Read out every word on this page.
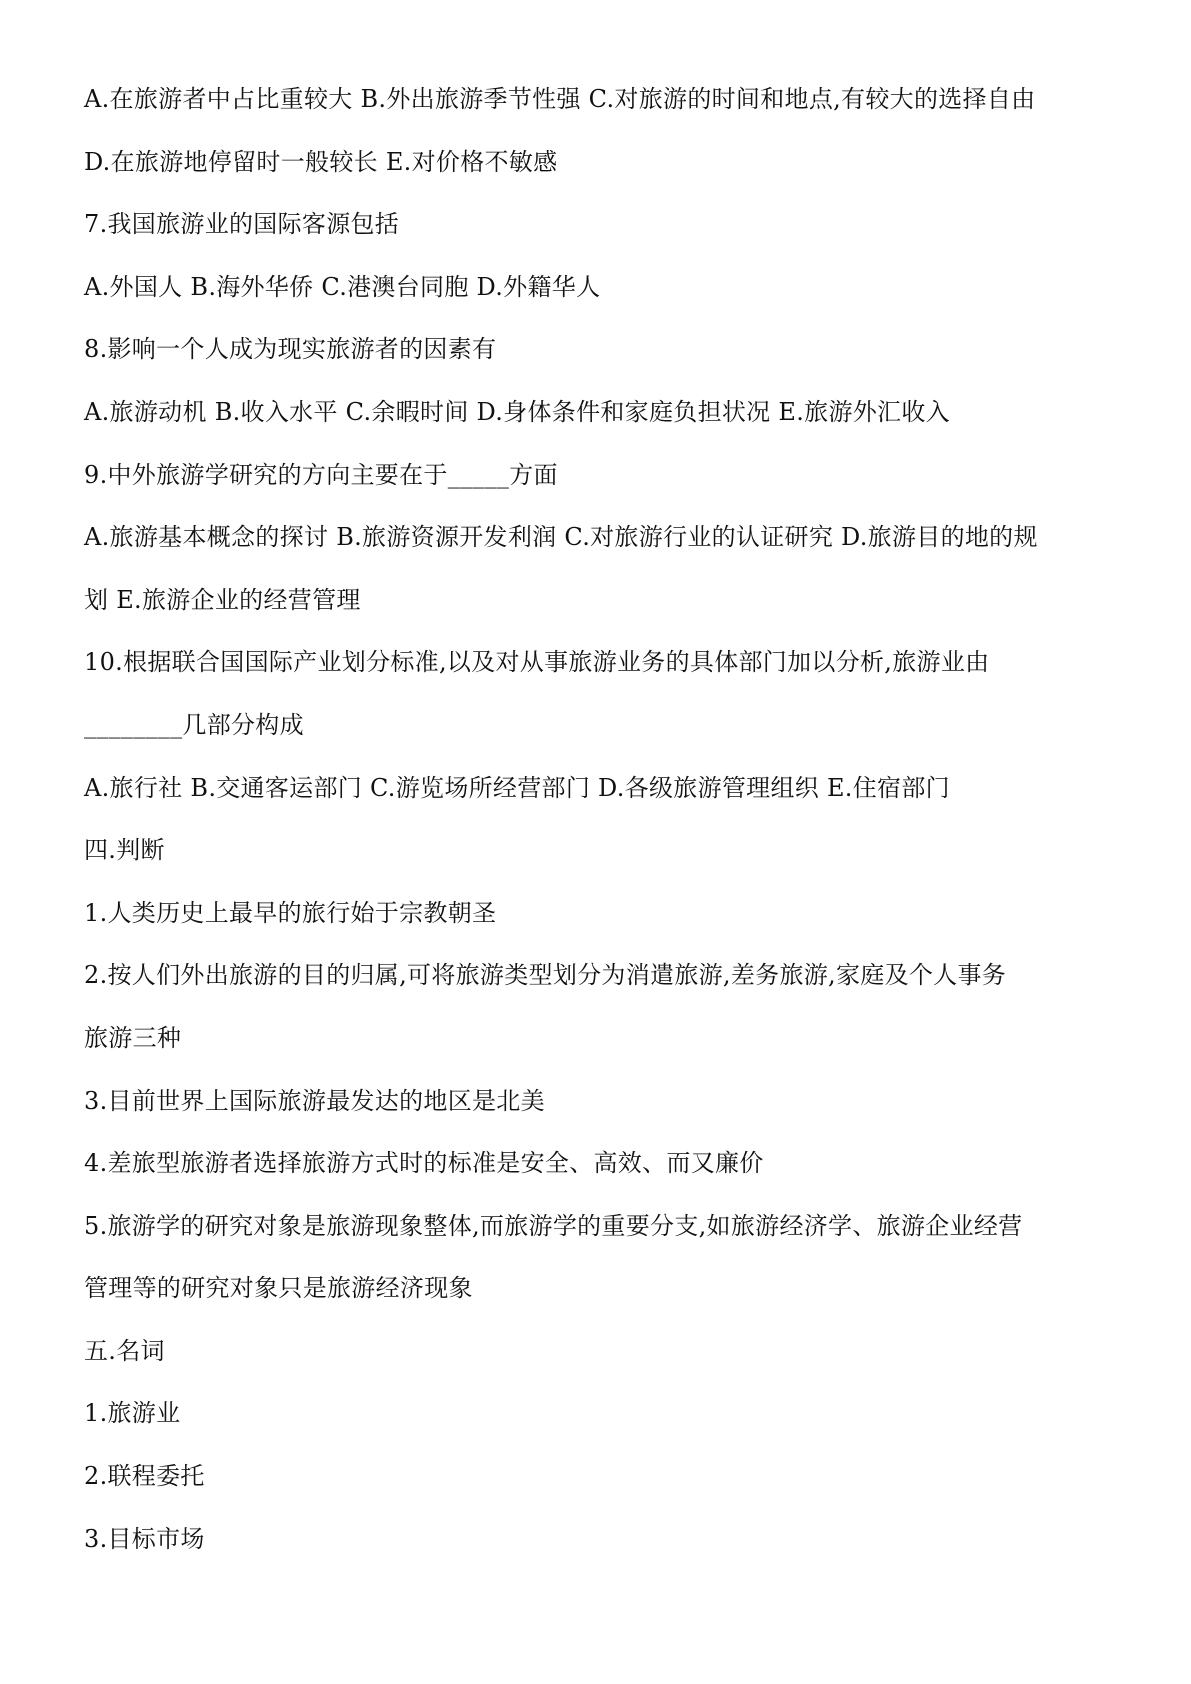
A.在旅游者中占比重较大 B.外出旅游季节性强 C.对旅游的时间和地点,有较大的选择自由
D.在旅游地停留时一般较长 E.对价格不敏感
7.我国旅游业的国际客源包括
A.外国人 B.海外华侨 C.港澳台同胞 D.外籍华人
8.影响一个人成为现实旅游者的因素有
A.旅游动机 B.收入水平 C.余暇时间 D.身体条件和家庭负担状况 E.旅游外汇收入
9.中外旅游学研究的方向主要在于_____方面
A.旅游基本概念的探讨 B.旅游资源开发利润 C.对旅游行业的认证研究 D.旅游目的地的规
划 E.旅游企业的经营管理
10.根据联合国国际产业划分标准,以及对从事旅游业务的具体部门加以分析,旅游业由
________几部分构成
A.旅行社 B.交通客运部门 C.游览场所经营部门 D.各级旅游管理组织 E.住宿部门
四.判断
1.人类历史上最早的旅行始于宗教朝圣
2.按人们外出旅游的目的归属,可将旅游类型划分为消遣旅游,差务旅游,家庭及个人事务
旅游三种
3.目前世界上国际旅游最发达的地区是北美
4.差旅型旅游者选择旅游方式时的标准是安全、高效、而又廉价
5.旅游学的研究对象是旅游现象整体,而旅游学的重要分支,如旅游经济学、旅游企业经营
管理等的研究对象只是旅游经济现象
五.名词
1.旅游业
2.联程委托
3.目标市场
